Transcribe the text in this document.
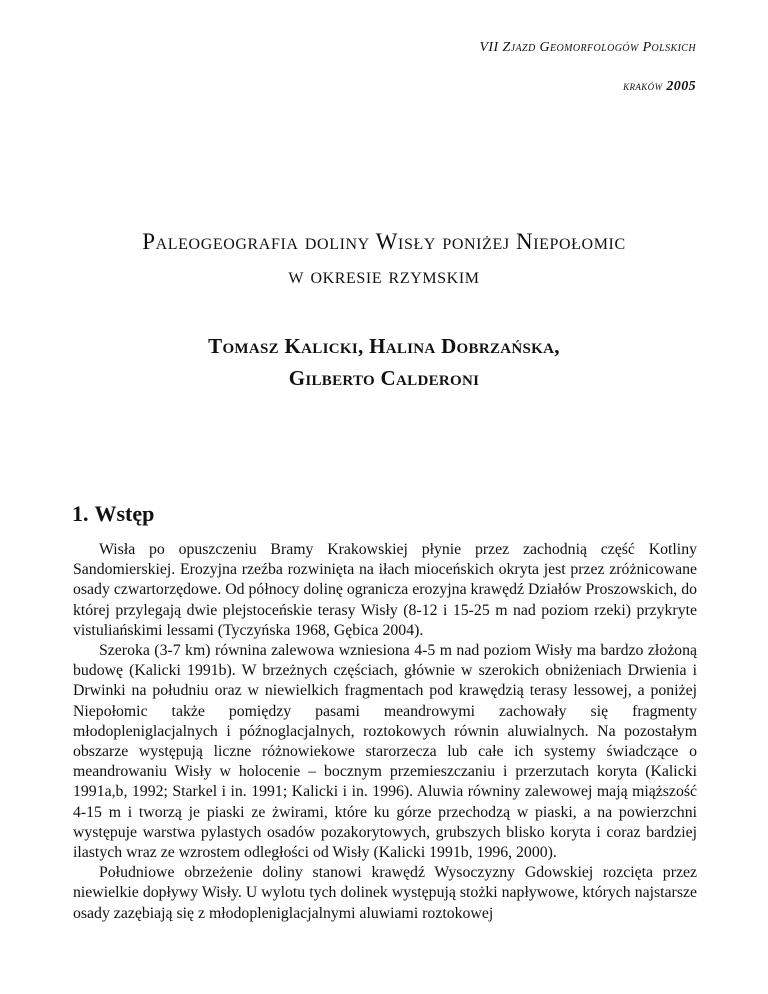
VII Zjazd Geomorfologów Polskich
kraków 2005
Paleogeografia doliny Wisły poniżej Niepołomic
w okresie rzymskim
Tomasz Kalicki, Halina Dobrzańska,
Gilberto Calderoni
1. Wstęp

Wisła po opuszczeniu Bramy Krakowskiej płynie przez zachodnią część Kotliny Sandomierskiej. Erozyjna rzeźba rozwinięta na iłach mioceńskich okryta jest przez zróżnicowane osady czwartorzędowe. Od północy dolinę ogranicza erozyjna krawędź Działów Proszowskich, do której przylegają dwie plejstoceńskie terasy Wisły (8-12 i 15-25 m nad poziom rzeki) przykryte vistuliańskimi lessami (Tyczyńska 1968, Gębica 2004).

Szeroka (3-7 km) równina zalewowa wzniesiona 4-5 m nad poziom Wisły ma bardzo złożoną budowę (Kalicki 1991b). W brzeżnych częściach, głównie w szerokich obniżeniach Drwienia i Drwinki na południu oraz w niewielkich fragmentach pod krawędzią terasy lessowej, a poniżej Niepołomic także pomiędzy pasami meandrowymi zachowały się fragmenty młodopleniglacjalnych i późnoglacjalnych, roztokowych równin aluwialnych. Na pozostałym obszarze występują liczne różnowiekowe starorzecza lub całe ich systemy świadczące o meandrowaniu Wisły w holocenie – bocznym przemieszczaniu i przerzutach koryta (Kalicki 1991a,b, 1992; Starkel i in. 1991; Kalicki i in. 1996). Aluwia równiny zalewowej mają miąższość 4-15 m i tworzą je piaski ze żwirami, które ku górze przechodzą w piaski, a na powierzchni występuje warstwa pylastych osadów pozakorytowych, grubszych blisko koryta i coraz bardziej ilastych wraz ze wzrostem odległości od Wisły (Kalicki 1991b, 1996, 2000).

Południowe obrzeżenie doliny stanowi krawędź Wysoczyzny Gdowskiej rozcięta przez niewielkie dopływy Wisły. U wylotu tych dolinek występują stożki napływowe, których najstarsze osady zazębiają się z młodopleniglacjalnymi aluwiami roztokowej
